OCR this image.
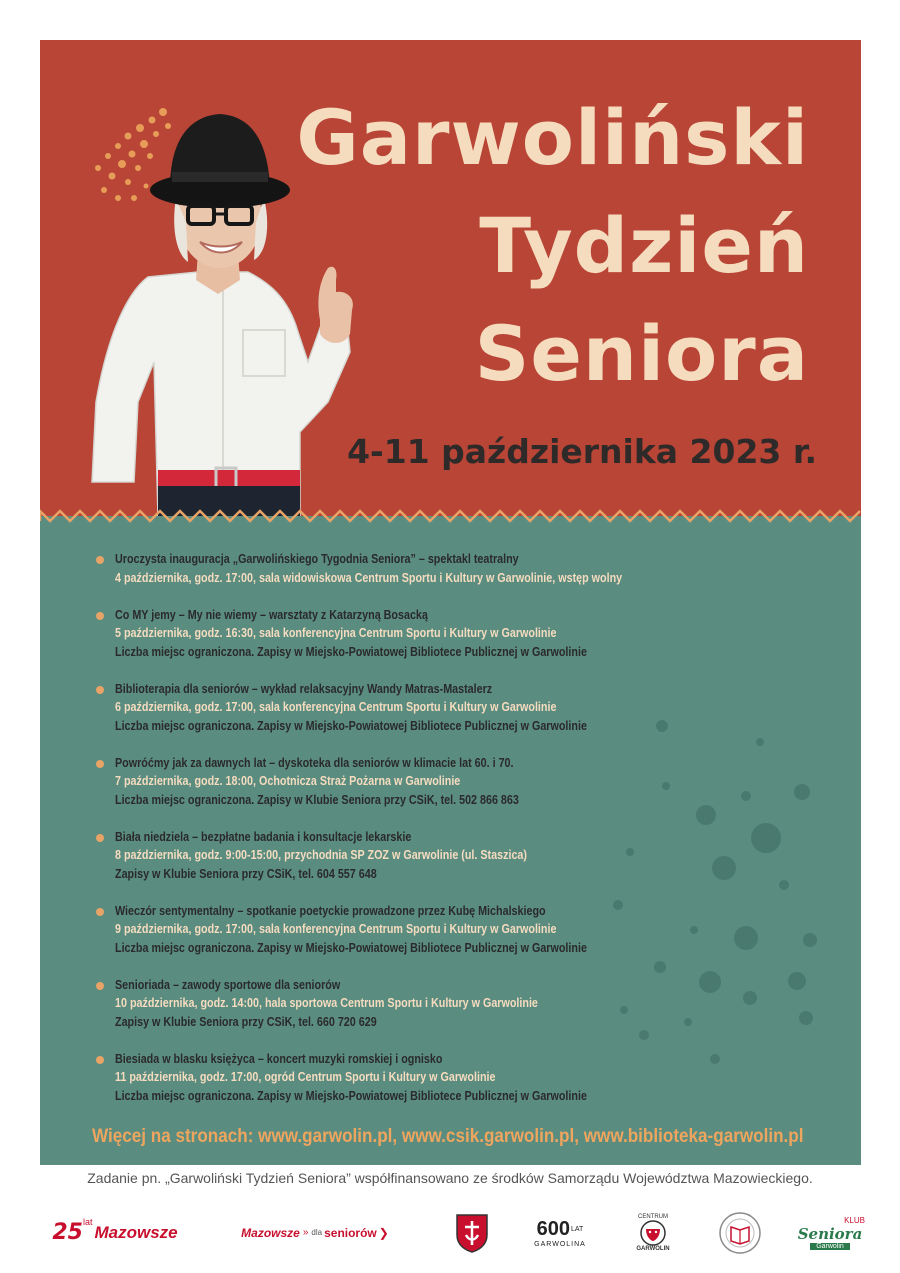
Garwoliński
Tydzień
Seniora
4-11 października 2023 r.
Uroczysta inauguracja „Garwolińskiego Tygodnia Seniora” – spektakl teatralny
4 października, godz. 17:00, sala widowiskowa Centrum Sportu i Kultury w Garwolinie, wstęp wolny
Co MY jemy – My nie wiemy – warsztaty z Katarzyną Bosacką
5 października, godz. 16:30, sala konferencyjna Centrum Sportu i Kultury w Garwolinie
Liczba miejsc ograniczona. Zapisy w Miejsko-Powiatowej Bibliotece Publicznej w Garwolinie
Biblioterapia dla seniorów – wykład relaksacyjny Wandy Matras-Mastalerz
6 października, godz. 17:00, sala konferencyjna Centrum Sportu i Kultury w Garwolinie
Liczba miejsc ograniczona. Zapisy w Miejsko-Powiatowej Bibliotece Publicznej w Garwolinie
Powróćmy jak za dawnych lat – dyskoteka dla seniorów w klimacie lat 60. i 70.
7 października, godz. 18:00, Ochotnicza Straż Pożarna w Garwolinie
Liczba miejsc ograniczona. Zapisy w Klubie Seniora przy CSiK, tel. 502 866 863
Biała niedziela – bezpłatne badania i konsultacje lekarskie
8 października, godz. 9:00-15:00, przychodnia SP ZOZ w Garwolinie (ul. Staszica)
Zapisy w Klubie Seniora przy CSiK, tel. 604 557 648
Wieczór sentymentalny – spotkanie poetyckie prowadzone przez Kubę Michalskiego
9 października, godz. 17:00, sala konferencyjna Centrum Sportu i Kultury w Garwolinie
Liczba miejsc ograniczona. Zapisy w Miejsko-Powiatowej Bibliotece Publicznej w Garwolinie
Senioriada – zawody sportowe dla seniorów
10 października, godz. 14:00, hala sportowa Centrum Sportu i Kultury w Garwolinie
Zapisy w Klubie Seniora przy CSiK, tel. 660 720 629
Biesiada w blasku księżyca – koncert muzyki romskiej i ognisko
11 października, godz. 17:00, ogród Centrum Sportu i Kultury w Garwolinie
Liczba miejsc ograniczona. Zapisy w Miejsko-Powiatowej Bibliotece Publicznej w Garwolinie
Więcej na stronach: www.garwolin.pl, www.csik.garwolin.pl, www.biblioteka-garwolin.pl
Zadanie pn. „Garwoliński Tydzień Seniora” współfinansowano ze środków Samorządu Województwa Mazowieckiego.
25 lat
Mazowsze	Mazowsze » dla seniorów ❯	600 LAT
GARWOLINA
CENTRUM
GARWOLIN
KLUB
Seniora
Garwolin
